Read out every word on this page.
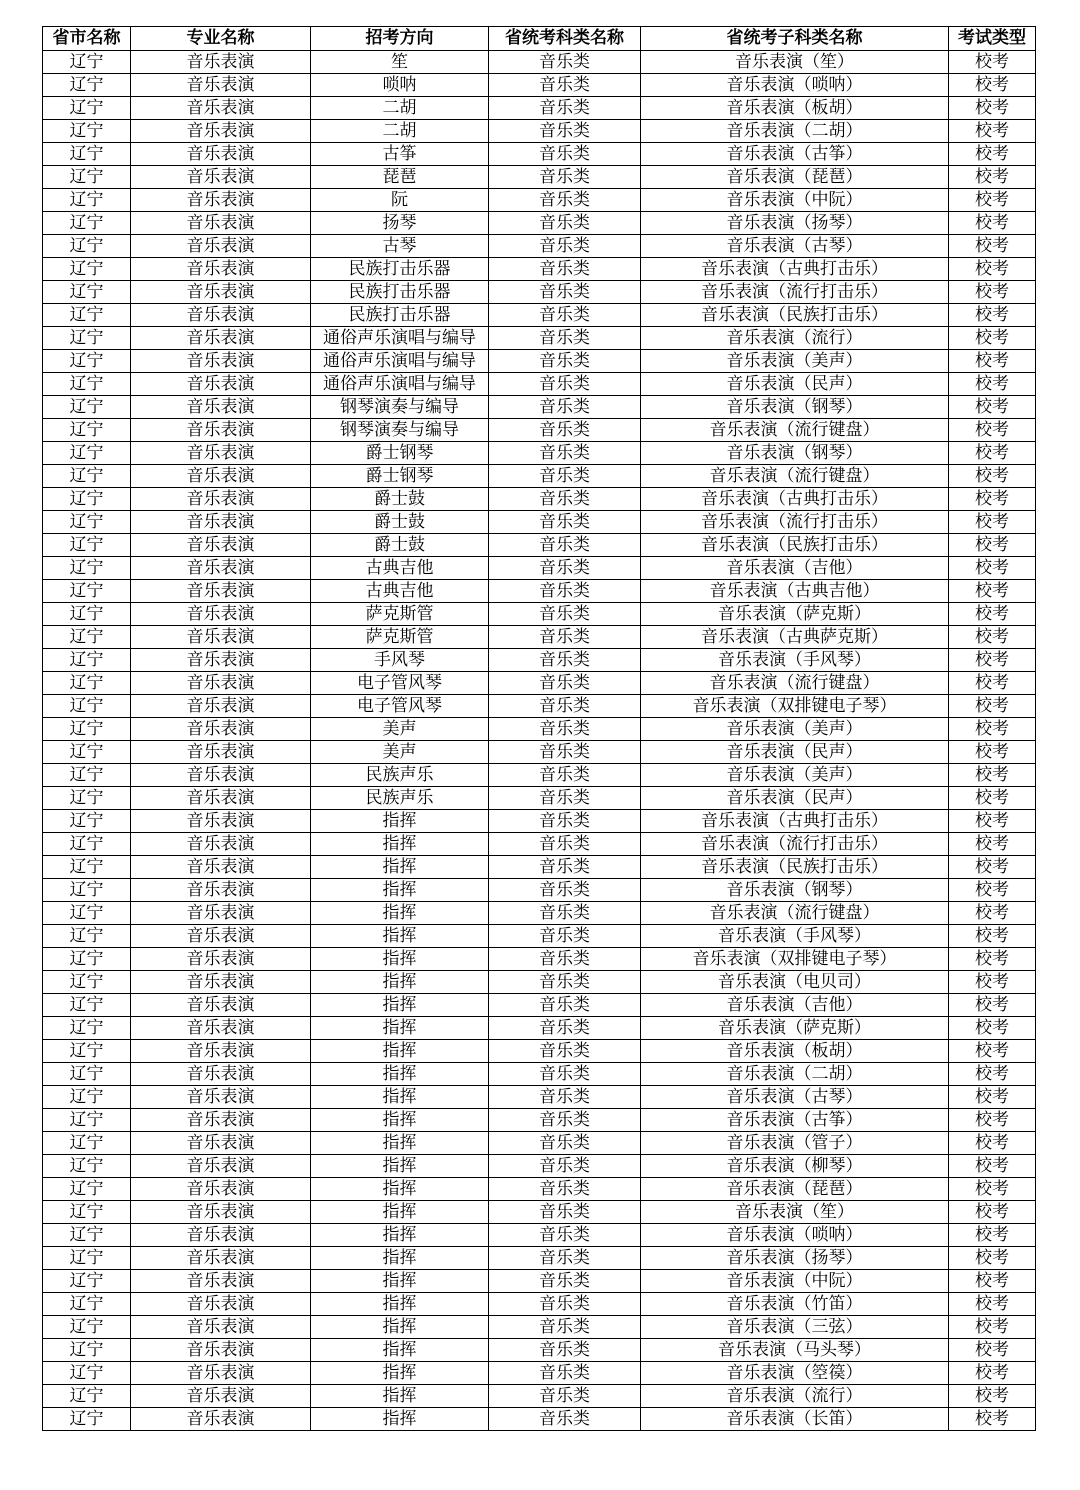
省市名称	专业名称	招考方向	省统考科类名称	省统考子科类名称	考试类型
辽宁	音乐表演	笙	音乐类	音乐表演（笙）	校考
辽宁	音乐表演	唢呐	音乐类	音乐表演（唢呐）	校考
辽宁	音乐表演	二胡	音乐类	音乐表演（板胡）	校考
辽宁	音乐表演	二胡	音乐类	音乐表演（二胡）	校考
辽宁	音乐表演	古筝	音乐类	音乐表演（古筝）	校考
辽宁	音乐表演	琵琶	音乐类	音乐表演（琵琶）	校考
辽宁	音乐表演	阮	音乐类	音乐表演（中阮）	校考
辽宁	音乐表演	扬琴	音乐类	音乐表演（扬琴）	校考
辽宁	音乐表演	古琴	音乐类	音乐表演（古琴）	校考
辽宁	音乐表演	民族打击乐器	音乐类	音乐表演（古典打击乐）	校考
辽宁	音乐表演	民族打击乐器	音乐类	音乐表演（流行打击乐）	校考
辽宁	音乐表演	民族打击乐器	音乐类	音乐表演（民族打击乐）	校考
辽宁	音乐表演	通俗声乐演唱与编导	音乐类	音乐表演（流行）	校考
辽宁	音乐表演	通俗声乐演唱与编导	音乐类	音乐表演（美声）	校考
辽宁	音乐表演	通俗声乐演唱与编导	音乐类	音乐表演（民声）	校考
辽宁	音乐表演	钢琴演奏与编导	音乐类	音乐表演（钢琴）	校考
辽宁	音乐表演	钢琴演奏与编导	音乐类	音乐表演（流行键盘）	校考
辽宁	音乐表演	爵士钢琴	音乐类	音乐表演（钢琴）	校考
辽宁	音乐表演	爵士钢琴	音乐类	音乐表演（流行键盘）	校考
辽宁	音乐表演	爵士鼓	音乐类	音乐表演（古典打击乐）	校考
辽宁	音乐表演	爵士鼓	音乐类	音乐表演（流行打击乐）	校考
辽宁	音乐表演	爵士鼓	音乐类	音乐表演（民族打击乐）	校考
辽宁	音乐表演	古典吉他	音乐类	音乐表演（吉他）	校考
辽宁	音乐表演	古典吉他	音乐类	音乐表演（古典吉他）	校考
辽宁	音乐表演	萨克斯管	音乐类	音乐表演（萨克斯）	校考
辽宁	音乐表演	萨克斯管	音乐类	音乐表演（古典萨克斯）	校考
辽宁	音乐表演	手风琴	音乐类	音乐表演（手风琴）	校考
辽宁	音乐表演	电子管风琴	音乐类	音乐表演（流行键盘）	校考
辽宁	音乐表演	电子管风琴	音乐类	音乐表演（双排键电子琴）	校考
辽宁	音乐表演	美声	音乐类	音乐表演（美声）	校考
辽宁	音乐表演	美声	音乐类	音乐表演（民声）	校考
辽宁	音乐表演	民族声乐	音乐类	音乐表演（美声）	校考
辽宁	音乐表演	民族声乐	音乐类	音乐表演（民声）	校考
辽宁	音乐表演	指挥	音乐类	音乐表演（古典打击乐）	校考
辽宁	音乐表演	指挥	音乐类	音乐表演（流行打击乐）	校考
辽宁	音乐表演	指挥	音乐类	音乐表演（民族打击乐）	校考
辽宁	音乐表演	指挥	音乐类	音乐表演（钢琴）	校考
辽宁	音乐表演	指挥	音乐类	音乐表演（流行键盘）	校考
辽宁	音乐表演	指挥	音乐类	音乐表演（手风琴）	校考
辽宁	音乐表演	指挥	音乐类	音乐表演（双排键电子琴）	校考
辽宁	音乐表演	指挥	音乐类	音乐表演（电贝司）	校考
辽宁	音乐表演	指挥	音乐类	音乐表演（吉他）	校考
辽宁	音乐表演	指挥	音乐类	音乐表演（萨克斯）	校考
辽宁	音乐表演	指挥	音乐类	音乐表演（板胡）	校考
辽宁	音乐表演	指挥	音乐类	音乐表演（二胡）	校考
辽宁	音乐表演	指挥	音乐类	音乐表演（古琴）	校考
辽宁	音乐表演	指挥	音乐类	音乐表演（古筝）	校考
辽宁	音乐表演	指挥	音乐类	音乐表演（管子）	校考
辽宁	音乐表演	指挥	音乐类	音乐表演（柳琴）	校考
辽宁	音乐表演	指挥	音乐类	音乐表演（琵琶）	校考
辽宁	音乐表演	指挥	音乐类	音乐表演（笙）	校考
辽宁	音乐表演	指挥	音乐类	音乐表演（唢呐）	校考
辽宁	音乐表演	指挥	音乐类	音乐表演（扬琴）	校考
辽宁	音乐表演	指挥	音乐类	音乐表演（中阮）	校考
辽宁	音乐表演	指挥	音乐类	音乐表演（竹笛）	校考
辽宁	音乐表演	指挥	音乐类	音乐表演（三弦）	校考
辽宁	音乐表演	指挥	音乐类	音乐表演（马头琴）	校考
辽宁	音乐表演	指挥	音乐类	音乐表演（箜篌）	校考
辽宁	音乐表演	指挥	音乐类	音乐表演（流行）	校考
辽宁	音乐表演	指挥	音乐类	音乐表演（长笛）	校考
